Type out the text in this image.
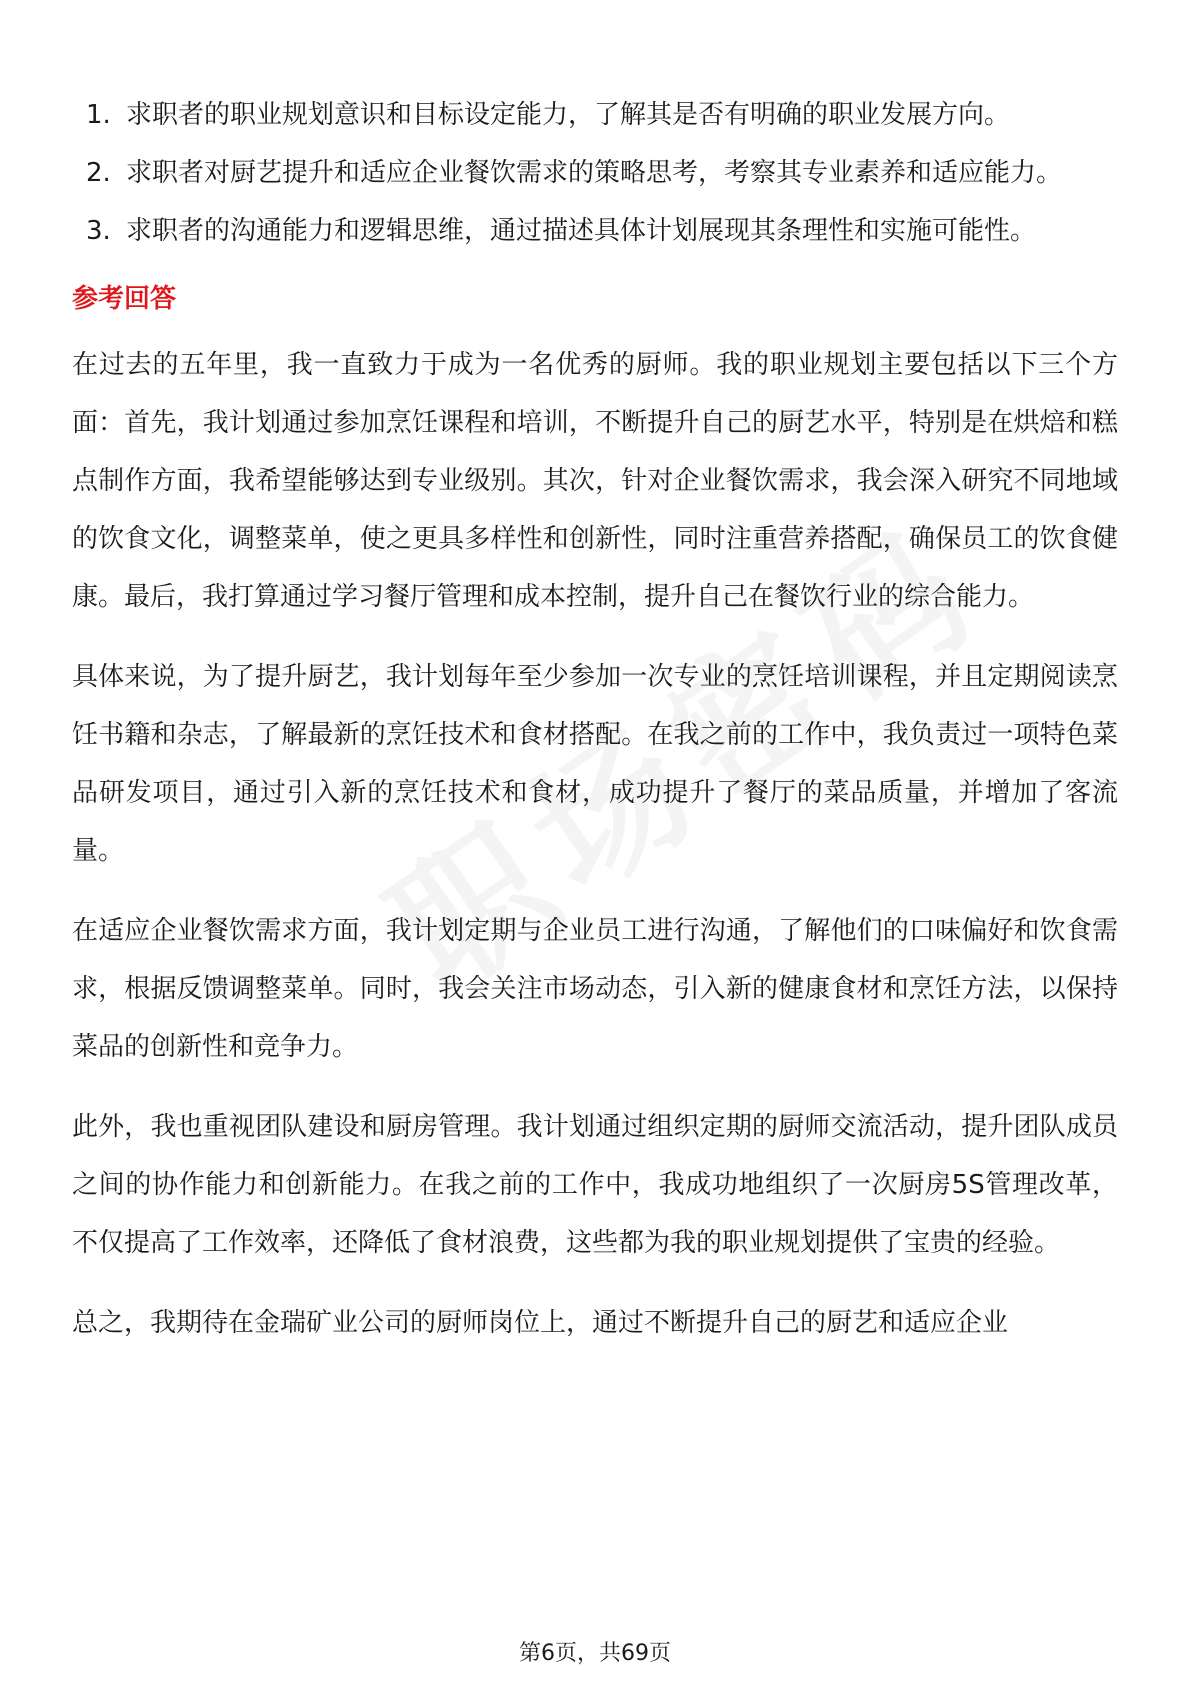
1. 求职者的职业规划意识和目标设定能力，了解其是否有明确的职业发展方向。
2. 求职者对厨艺提升和适应企业餐饮需求的策略思考，考察其专业素养和适应能力。
3. 求职者的沟通能力和逻辑思维，通过描述具体计划展现其条理性和实施可能性。
参考回答

在过去的五年里，我一直致力于成为一名优秀的厨师。我的职业规划主要包括以下三个方面：首先，我计划通过参加烹饪课程和培训，不断提升自己的厨艺水平，特别是在烘焙和糕点制作方面，我希望能够达到专业级别。其次，针对企业餐饮需求，我会深入研究不同地域的饮食文化，调整菜单，使之更具多样性和创新性，同时注重营养搭配，确保员工的饮食健康。最后，我打算通过学习餐厅管理和成本控制，提升自己在餐饮行业的综合能力。

具体来说，为了提升厨艺，我计划每年至少参加一次专业的烹饪培训课程，并且定期阅读烹饪书籍和杂志，了解最新的烹饪技术和食材搭配。在我之前的工作中，我负责过一项特色菜品研发项目，通过引入新的烹饪技术和食材，成功提升了餐厅的菜品质量，并增加了客流量。

在适应企业餐饮需求方面，我计划定期与企业员工进行沟通，了解他们的口味偏好和饮食需求，根据反馈调整菜单。同时，我会关注市场动态，引入新的健康食材和烹饪方法，以保持菜品的创新性和竞争力。

此外，我也重视团队建设和厨房管理。我计划通过组织定期的厨师交流活动，提升团队成员之间的协作能力和创新能力。在我之前的工作中，我成功地组织了一次厨房5S管理改革，不仅提高了工作效率，还降低了食材浪费，这些都为我的职业规划提供了宝贵的经验。

总之，我期待在金瑞矿业公司的厨师岗位上，通过不断提升自己的厨艺和适应企业

第6页，共69页
